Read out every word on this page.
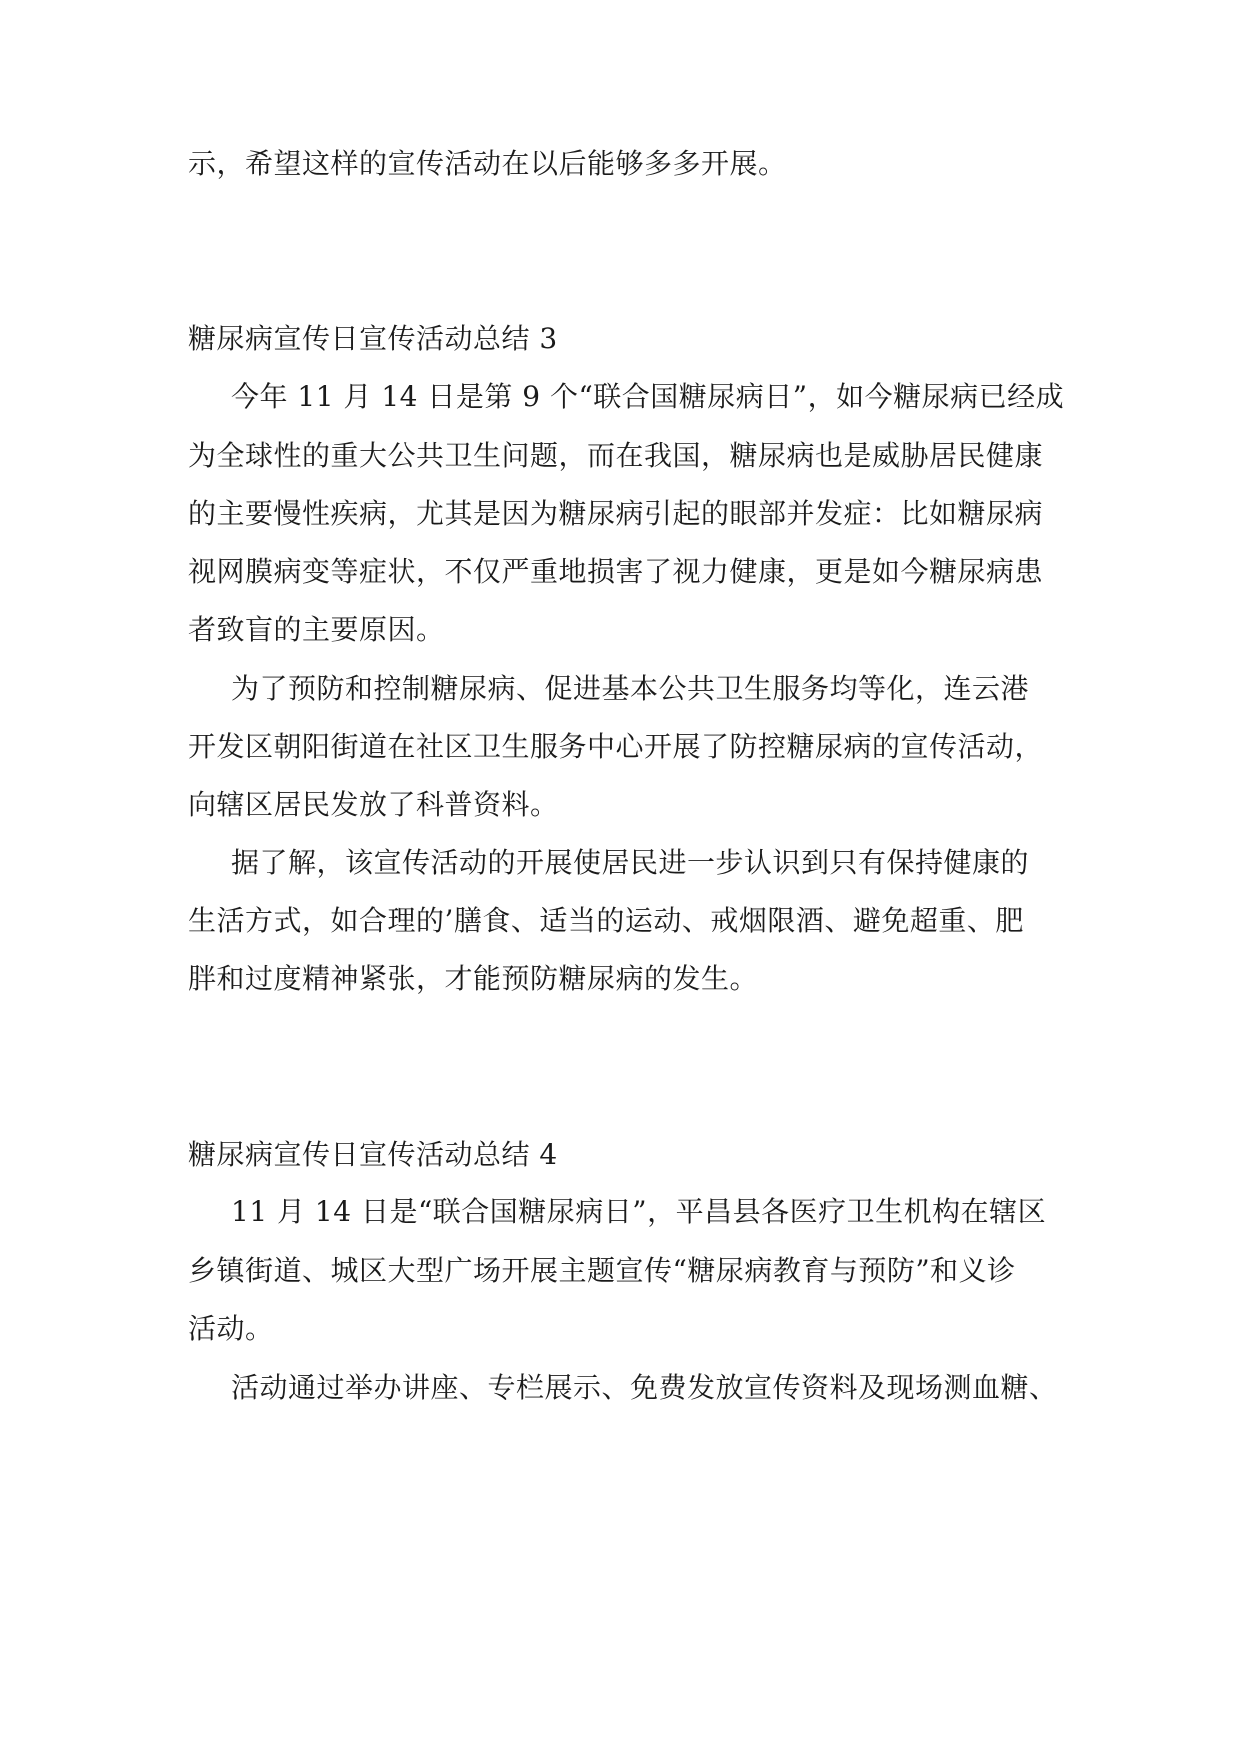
示，希望这样的宣传活动在以后能够多多开展。
糖尿病宣传日宣传活动总结 3
今年 11 月 14 日是第 9 个“联合国糖尿病日”，如今糖尿病已经成
为全球性的重大公共卫生问题，而在我国，糖尿病也是威胁居民健康
的主要慢性疾病，尤其是因为糖尿病引起的眼部并发症：比如糖尿病
视网膜病变等症状，不仅严重地损害了视力健康，更是如今糖尿病患
者致盲的主要原因。
为了预防和控制糖尿病、促进基本公共卫生服务均等化，连云港
开发区朝阳街道在社区卫生服务中心开展了防控糖尿病的宣传活动，
向辖区居民发放了科普资料。
据了解，该宣传活动的开展使居民进一步认识到只有保持健康的
生活方式，如合理的’膳食、适当的运动、戒烟限酒、避免超重、肥
胖和过度精神紧张，才能预防糖尿病的发生。
糖尿病宣传日宣传活动总结 4
11 月 14 日是“联合国糖尿病日”，平昌县各医疗卫生机构在辖区
乡镇街道、城区大型广场开展主题宣传“糖尿病教育与预防”和义诊
活动。
活动通过举办讲座、专栏展示、免费发放宣传资料及现场测血糖、
